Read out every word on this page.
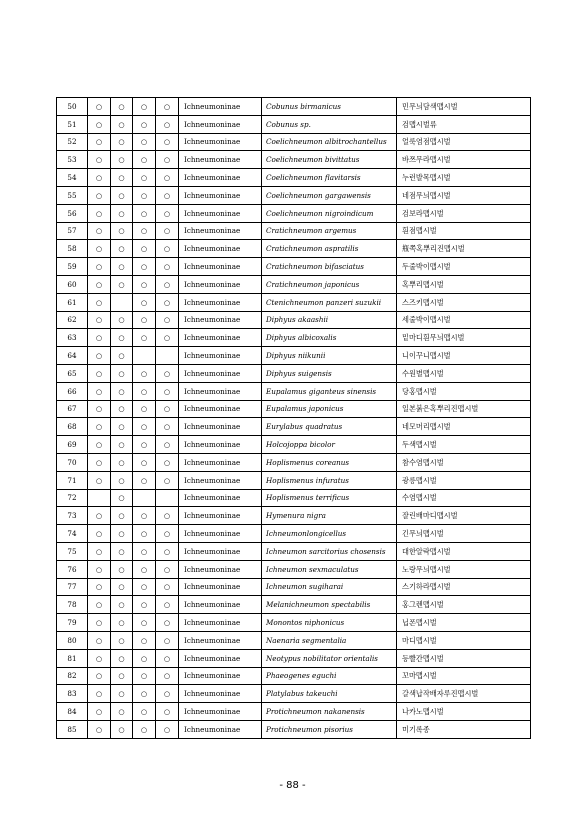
50	○	○	○	○	Ichneumoninae	Cobunus birmanicus	민무늬담색맵시벌
51	○	○	○	○	Ichneumoninae	Cobunus sp.	검맵시벌류
52	○	○	○	○	Ichneumoninae	Coelichneumon albitrochantellus	얼룩염점맵시벌
53	○	○	○	○	Ichneumoninae	Coelichneumon bivittatus	바쯔무라맵시벌
54	○	○	○	○	Ichneumoninae	Coelichneumon flavitarsis	누런발목맵시벌
55	○	○	○	○	Ichneumoninae	Coelichneumon gargawensis	네점무늬맵시벌
56	○	○	○	○	Ichneumoninae	Coelichneumon nigroindicum	검보라맵시벌
57	○	○	○	○	Ichneumoninae	Cratichneumon argemus	흰점맵시벌
58	○	○	○	○	Ichneumoninae	Cratichneumon aspratilis	甁쪽혹뿌리진맵시벌
59	○	○	○	○	Ichneumoninae	Cratichneumon bifasciatus	두줄박이맵시벌
60	○	○	○	○	Ichneumoninae	Cratichneumon japonicus	혹뿌리맵시벌
61	○		○	○	Ichneumoninae	Ctenichneumon panzeri suzukii	스즈키맵시벌
62	○	○	○	○	Ichneumoninae	Diphyus akaashii	세줄박이맵시벌
63	○	○	○	○	Ichneumoninae	Diphyus albicoxalis	밑마디흰무늬맵시벌
64	○	○			Ichneumoninae	Diphyus niikunii	니이꾸니맵시벌
65	○	○	○	○	Ichneumoninae	Diphyus suigensis	수원별맵시벌
66	○	○	○	○	Ichneumoninae	Eupalamus giganteus sinensis	당홍맵시벌
67	○	○	○	○	Ichneumoninae	Eupalamus japonicus	일본붉은혹뿌리진맵시벌
68	○	○	○	○	Ichneumoninae	Eurylabus quadratus	네모머리맵시벌
69	○	○	○	○	Ichneumoninae	Holcojoppa bicolor	두색맵시벌
70	○	○	○	○	Ichneumoninae	Hoplismenus coreanus	참수염맵시벌
71	○	○	○	○	Ichneumoninae	Hoplismenus infuratus	광릉맵시벌
72		○			Ichneumoninae	Hoplismenus terrificus	수염맵시벌
73	○	○	○	○	Ichneumoninae	Hymenura nigra	잘린배마디맵시벌
74	○	○	○	○	Ichneumoninae	Ichneumonlongicellus	긴무늬맵시벌
75	○	○	○	○	Ichneumoninae	Ichneumon sarcitorius chosensis	대한알락맵시벌
76	○	○	○	○	Ichneumoninae	Ichneumon sexmaculatus	노랑무늬맵시벌
77	○	○	○	○	Ichneumoninae	Ichneumon sugiharai	스기하라맵시벌
78	○	○	○	○	Ichneumoninae	Melanichneumon spectabilis	홍그렌맵시벌
79	○	○	○	○	Ichneumoninae	Monontos niphonicus	닙폰맵시벌
80	○	○	○	○	Ichneumoninae	Naenaria segmentalia	마디맵시벌
81	○	○	○	○	Ichneumoninae	Neotypus nobilitator orientalis	등빨간맵시벌
82	○	○	○	○	Ichneumoninae	Phaeogenes eguchi	꼬마맵시벌
83	○	○	○	○	Ichneumoninae	Platylabus takeuchi	갈색납작배자루진맵시벌
84	○	○	○	○	Ichneumoninae	Protichneumon nakanensis	나카노맵시벌
85	○	○	○	○	Ichneumoninae	Protichneumon pisorius	미기록종
- 88 -
